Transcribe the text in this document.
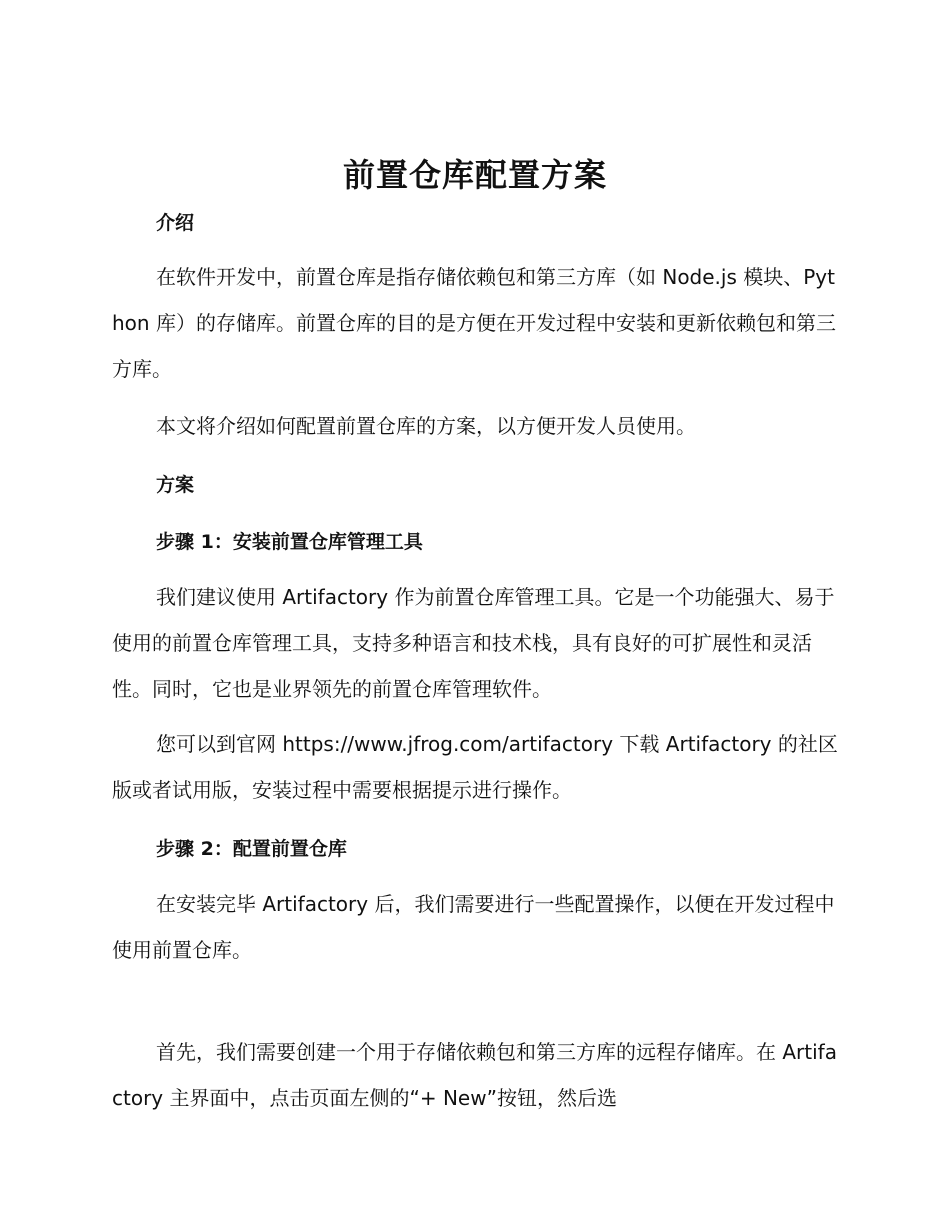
前置仓库配置方案
介绍

在软件开发中，前置仓库是指存储依赖包和第三方库（如 Node.js 模块、Python 库）的存储库。前置仓库的目的是方便在开发过程中安装和更新依赖包和第三方库。

本文将介绍如何配置前置仓库的方案，以方便开发人员使用。

方案
步骤 1：安装前置仓库管理工具

我们建议使用 Artifactory 作为前置仓库管理工具。它是一个功能强大、易于使用的前置仓库管理工具，支持多种语言和技术栈，具有良好的可扩展性和灵活性。同时，它也是业界领先的前置仓库管理软件。

您可以到官网 https://www.jfrog.com/artifactory 下载 Artifactory 的社区版或者试用版，安装过程中需要根据提示进行操作。

步骤 2：配置前置仓库

在安装完毕 Artifactory 后，我们需要进行一些配置操作，以便在开发过程中使用前置仓库。

首先，我们需要创建一个用于存储依赖包和第三方库的远程存储库。在 Artifactory 主界面中，点击页面左侧的“+ New”按钮，然后选
